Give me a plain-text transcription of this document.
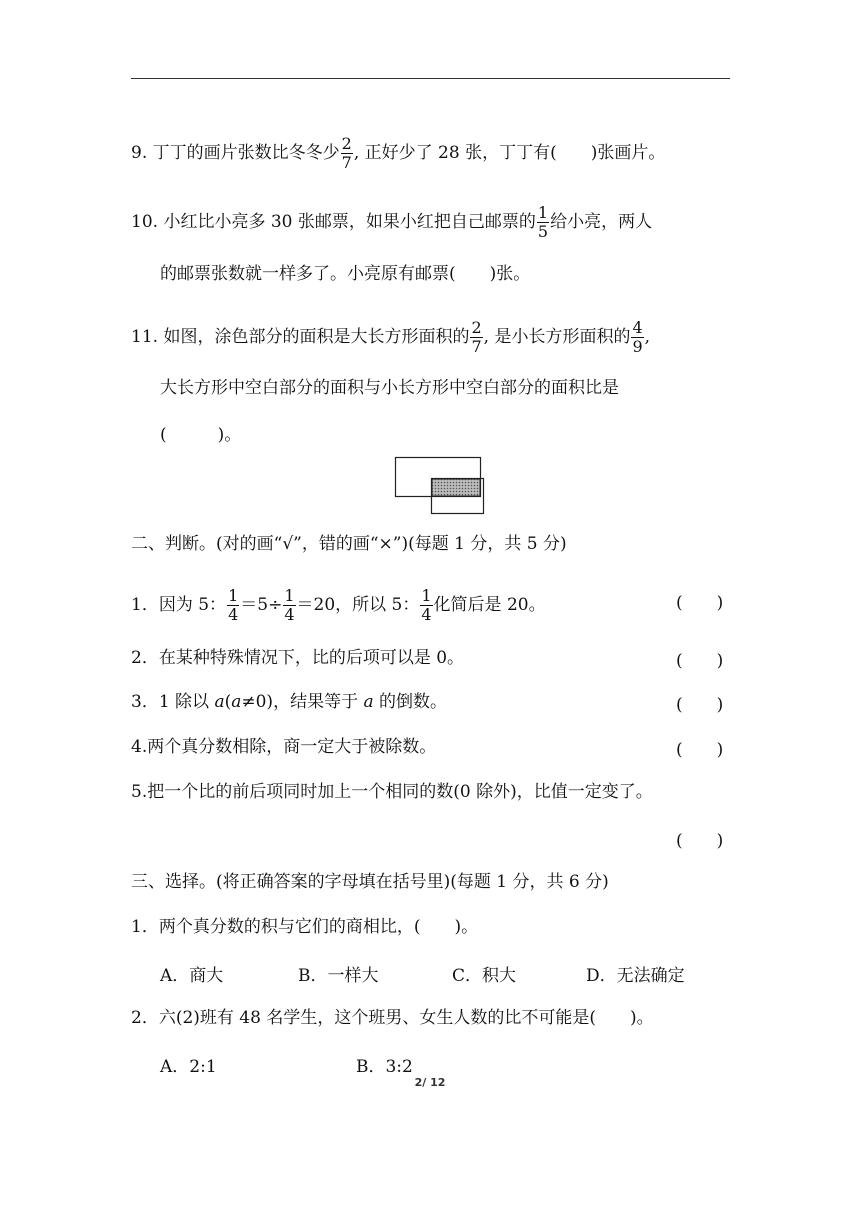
9. 丁丁的画片张数比冬冬少 $\frac{2}{7}$ , 正好少了 28 张，丁丁有(　　)张画片。
10. 小红比小亮多 30 张邮票，如果小红把自己邮票的 $\frac{1}{5}$ 给小亮，两人
的邮票张数就一样多了。小亮原有邮票(　　)张。
11. 如图，涂色部分的面积是大长方形面积的 $\frac{2}{7}$ , 是小长方形面积的 $\frac{4}{9}$ ,
大长方形中空白部分的面积与小长方形中空白部分的面积比是
(　　　)。
二、判断。(对的画“√”，错的画“×”)(每题 1 分，共 5 分)
1．因为 5： $\frac{1}{4} =5\div \frac{1}{4} =20$，所以 5： $\frac{1}{4}$ 化简后是 20。	(　　)
2．在某种特殊情况下，比的后项可以是 0。	(　　)
3．1 除以 a(a≠0)，结果等于 a 的倒数。	(　　)
4.两个真分数相除，商一定大于被除数。	(　　)
5.把一个比的前后项同时加上一个相同的数(0 除外)，比值一定变了。
(　　)
三、选择。(将正确答案的字母填在括号里)(每题 1 分，共 6 分)
1．两个真分数的积与它们的商相比，(　　)。
A．商大	B．一样大	C．积大	D．无法确定
2．六(2)班有 48 名学生，这个班男、女生人数的比不可能是(　　)。
A．2:1	B．3:2
2/ 12
